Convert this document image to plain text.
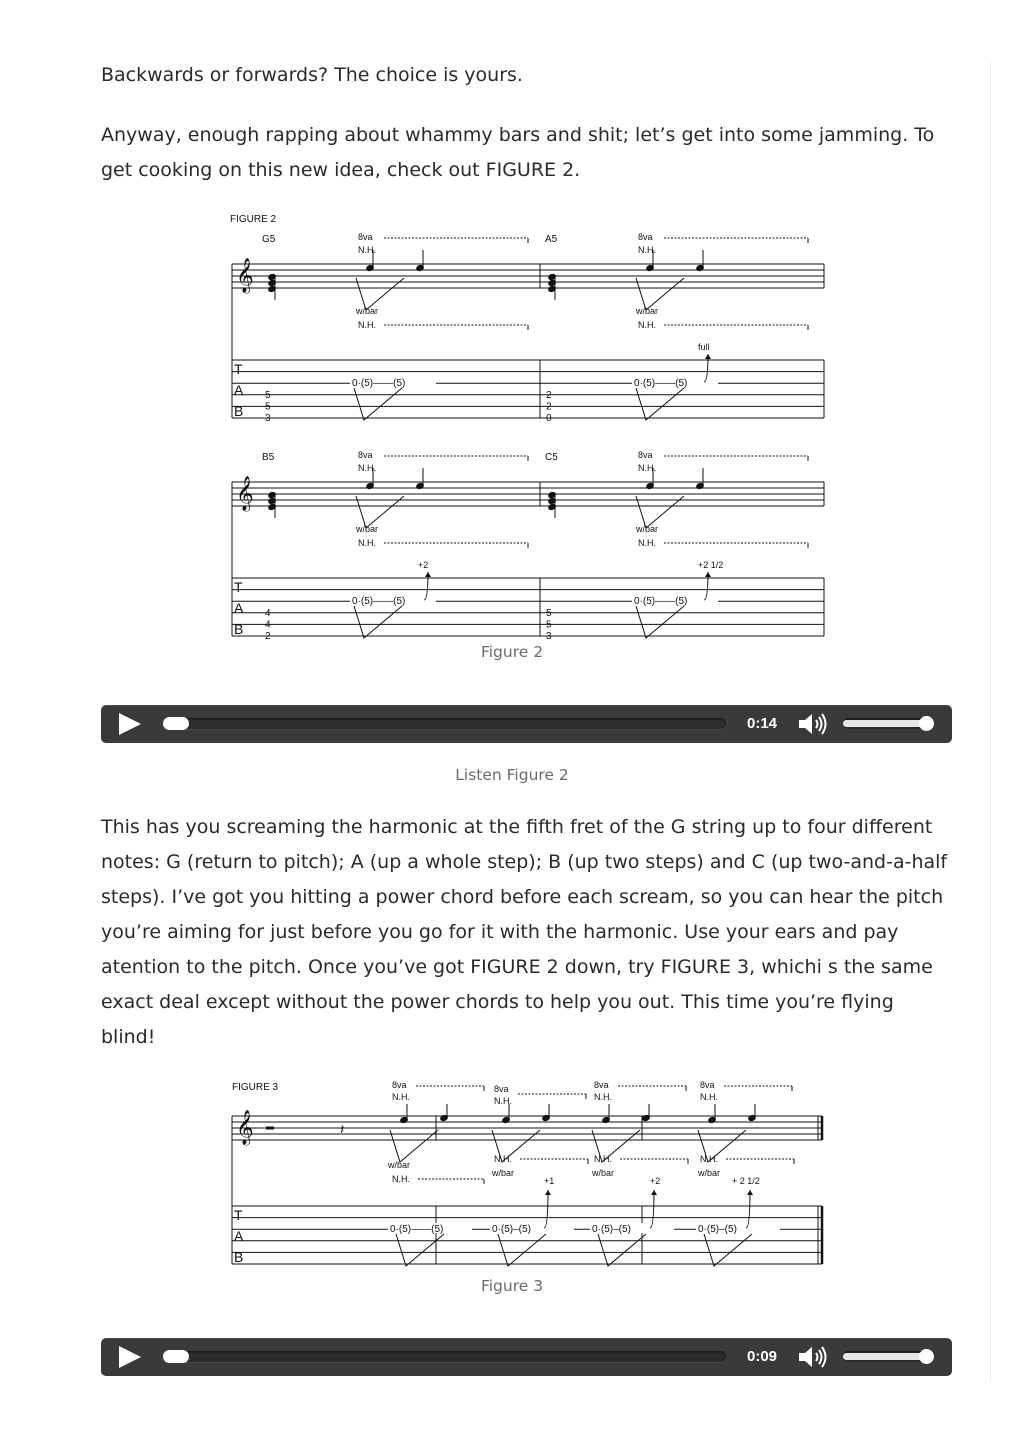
Backwards or forwards? The choice is yours.

Anyway, enough rapping about whammy bars and shit; let’s get into some jamming. To get cooking on this new idea, check out FIGURE 2.

FIGURE 2
𝄞
G5	A5
8va
N.H.
w/bar
N.H.
8va
N.H.
w/bar
N.H.
full
T
A
B
5
5
3
2
2
0
0·(5)——(5)	0·(5)——(5)
𝄞
B5	C5
8va
N.H.
w/bar
N.H.
8va
N.H.
w/bar
N.H.
+2	+2 1/2
T
A
B
4
4
2
5
5
3
0·(5)——(5)	0·(5)——(5)
Figure 2
0:14
Listen Figure 2

This has you screaming the harmonic at the fifth fret of the G string up to four different notes: G (return to pitch); A (up a whole step); B (up two steps) and C (up two-and-a-half steps). I’ve got you hitting a power chord before each scream, so you can hear the pitch you’re aiming for just before you go for it with the harmonic. Use your ears and pay atention to the pitch. Once you’ve got FIGURE 2 down, try FIGURE 3, whichi s the same exact deal except without the power chords to help you out. This time you’re flying blind!

FIGURE 3
𝄞	𝄽
8va
N.H.
w/bar
N.H.
8va
N.H.
N.H.
w/bar
8va
N.H.
N.H.
w/bar
8va
N.H.
N.H.
w/bar
+1	+2	+ 2 1/2
T
A
B
0·(5)——(5)	0·(5)–(5)	0·(5)–(5)	0·(5)–(5)
Figure 3
0:09
